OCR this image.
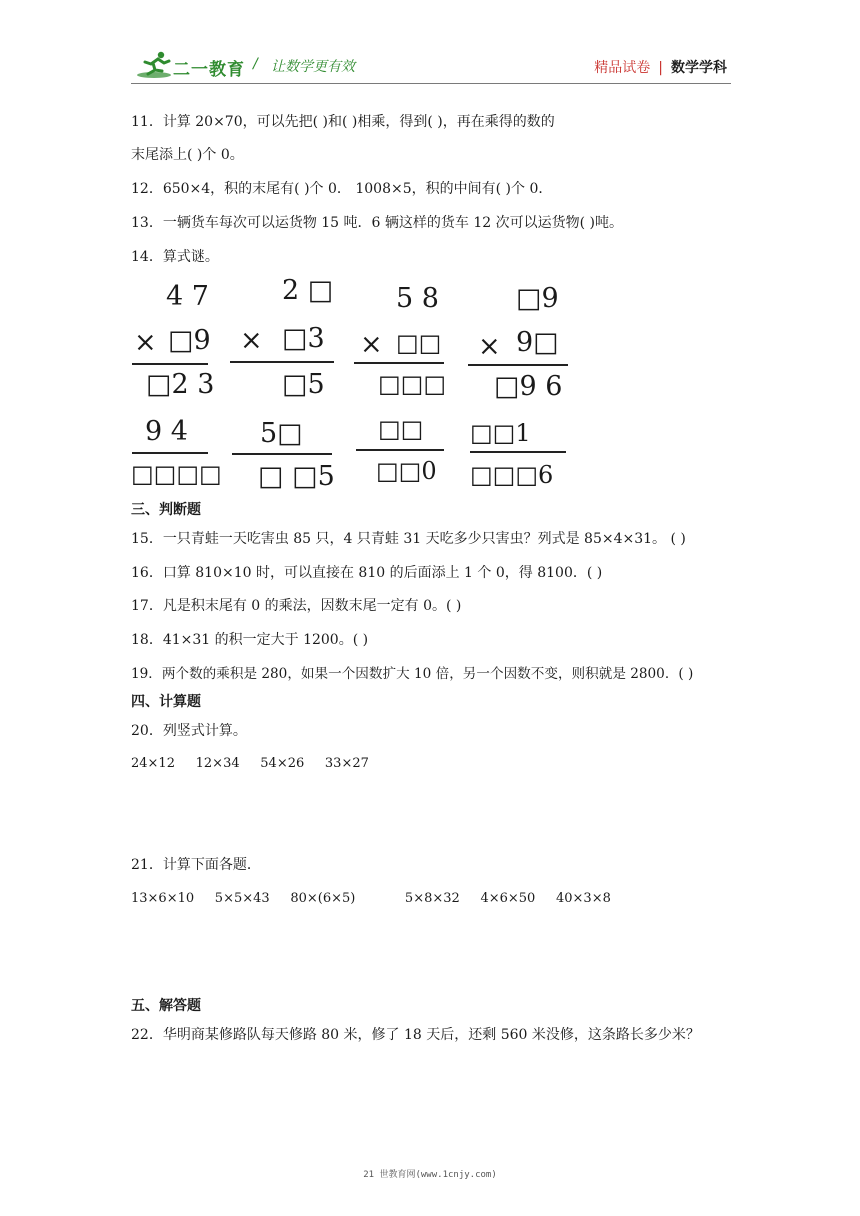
二一教育 / 让数学更有效	精品试卷 | 数学学科
11．计算 20×70，可以先把( )和( )相乘，得到( )，再在乘得的数的
末尾添上( )个 0。
12．650×4，积的末尾有( )个 0． 1008×5，积的中间有( )个 0．
13．一辆货车每次可以运货物 15 吨．6 辆这样的货车 12 次可以运货物( )吨。
14．算式谜。
4 7
× □9
□2 3
9 4
□□□□
2 □
× □3
□5
5□
□ □5
5 8
× □□
□□□
□□
□□0
□9
× 9□
□9 6
□□1
□□□6
三、判断题
15．一只青蛙一天吃害虫 85 只，4 只青蛙 31 天吃多少只害虫？列式是 85×4×31。 ( )
16．口算 810×10 时，可以直接在 810 的后面添上 1 个 0，得 8100．( )
17．凡是积末尾有 0 的乘法，因数末尾一定有 0。( )
18．41×31 的积一定大于 1200。( )
19．两个数的乘积是 280，如果一个因数扩大 10 倍，另一个因数不变，则积就是 2800．( )
四、计算题
20．列竖式计算。
24×12     12×34     54×26     33×27
21．计算下面各题．
13×6×10     5×5×43     80×(6×5)            5×8×32     4×6×50     40×3×8
五、解答题
22．华明商某修路队每天修路 80 米，修了 18 天后，还剩 560 米没修，这条路长多少米？
21 世教育网(www.1cnjy.com)
